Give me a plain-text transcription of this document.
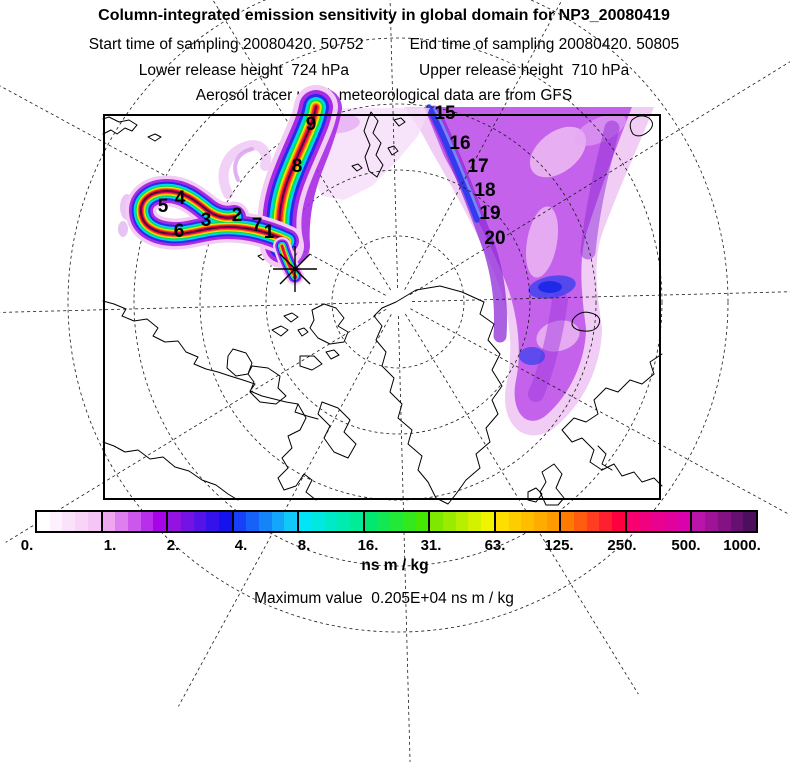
Column-integrated emission sensitivity in global domain for NP3_20080419
Start time of sampling 20080420. 50752	End time of sampling 20080420. 50805
Lower release height  724 hPa	Upper release height  710 hPa
Aerosol tracer used, meteorological data are from GFS
1
2
3
4
5
6	7
8
9
15
16
17
18
19
20
0.	1.	2.	4.	8.	16.	31.	63.	125. 250. 500. 1000.
ns m / kg
Maximum value  0.205E+04 ns m / kg
